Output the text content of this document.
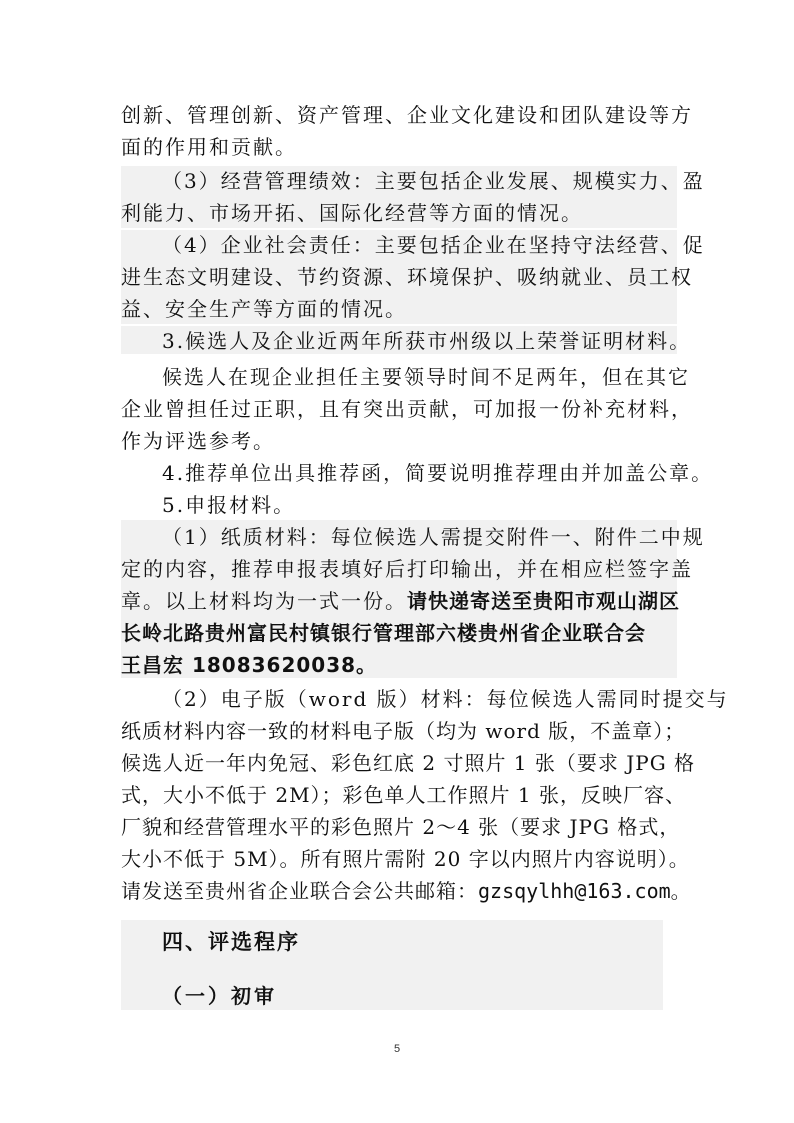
创新、管理创新、资产管理、企业文化建设和团队建设等方
面的作用和贡献。
（3）经营管理绩效：主要包括企业发展、规模实力、盈
利能力、市场开拓、国际化经营等方面的情况。
（4）企业社会责任：主要包括企业在坚持守法经营、促
进生态文明建设、节约资源、环境保护、吸纳就业、员工权
益、安全生产等方面的情况。
3.候选人及企业近两年所获市州级以上荣誉证明材料。
候选人在现企业担任主要领导时间不足两年，但在其它
企业曾担任过正职，且有突出贡献，可加报一份补充材料，
作为评选参考。
4.推荐单位出具推荐函，简要说明推荐理由并加盖公章。
5.申报材料。
（1）纸质材料：每位候选人需提交附件一、附件二中规
定的内容，推荐申报表填好后打印输出，并在相应栏签字盖
章。以上材料均为一式一份。请快递寄送至贵阳市观山湖区
长岭北路贵州富民村镇银行管理部六楼贵州省企业联合会
王昌宏 18083620038。
（2）电子版（word 版）材料：每位候选人需同时提交与
纸质材料内容一致的材料电子版（均为 word 版，不盖章）；
候选人近一年内免冠、彩色红底 2 寸照片 1 张（要求 JPG 格
式，大小不低于 2M）；彩色单人工作照片 1 张，反映厂容、
厂貌和经营管理水平的彩色照片 2～4 张（要求 JPG 格式，
大小不低于 5M）。所有照片需附 20 字以内照片内容说明）。
请发送至贵州省企业联合会公共邮箱：gzsqylhh@163.com。
四、评选程序
（一）初审
5
